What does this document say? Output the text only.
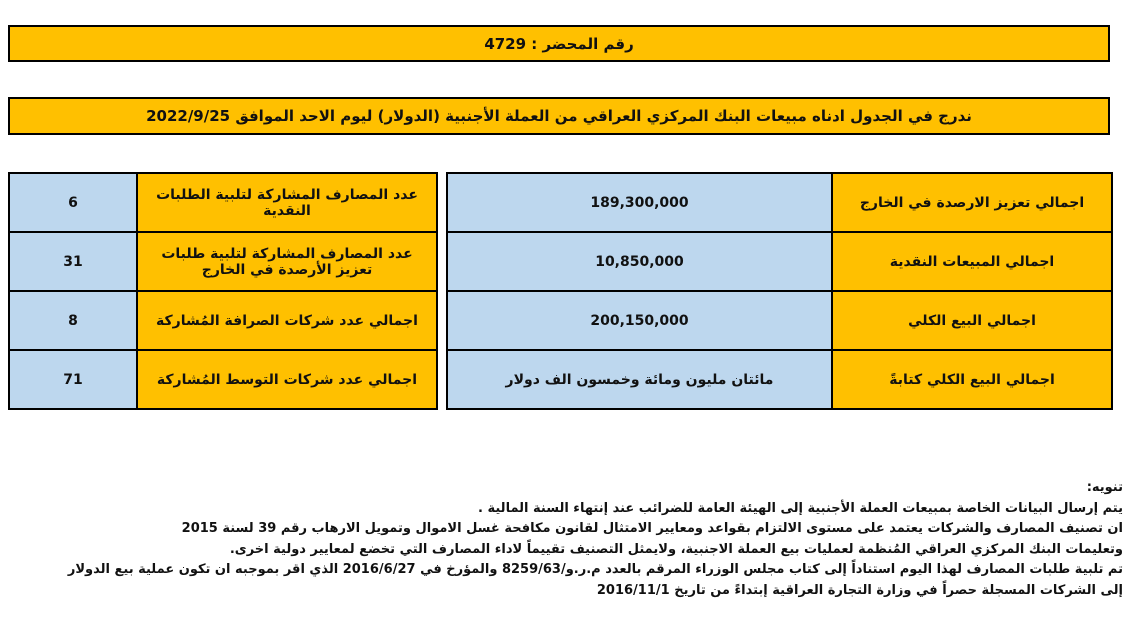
رقم المحضر : 4729
ندرج في الجدول ادناه مبيعات البنك المركزي العراقي من العملة الأجنبية (الدولار) ليوم الاحد الموافق 2022/9/25
اجمالي تعزيز الارصدة في الخارج	189,300,000
اجمالي المبيعات النقدية	10,850,000
اجمالي البيع الكلي	200,150,000
اجمالي البيع الكلي كتابةً	مائتان مليون ومائة وخمسون الف دولار
عدد المصارف المشاركة لتلبية الطلبات النقدية	6
عدد المصارف المشاركة لتلبية طلبات تعزيز الأرصدة في الخارج	31
اجمالي عدد شركات الصرافة المُشاركة	8
اجمالي عدد شركات التوسط المُشاركة	71
تنويه:
يتم إرسال البيانات الخاصة بمبيعات العملة الأجنبية إلى الهيئة العامة للضرائب عند إنتهاء السنة المالية .
ان تصنيف المصارف والشركات يعتمد على مستوى الالتزام بقواعد ومعايير الامتثال لقانون مكافحة غسل الاموال وتمويل الارهاب رقم 39 لسنة 2015
وتعليمات البنك المركزي العراقي المُنظمة لعمليات بيع العملة الاجنبية، ولايمثل التصنيف تقييماً لاداء المصارف التي تخضع لمعايير دولية اخرى.
تم تلبية طلبات المصارف لهذا اليوم استناداً إلى كتاب مجلس الوزراء المرقم بالعدد م.ر.و/8259/63 والمؤرخ في 2016/6/27 الذي اقر بموجبه ان تكون عملية بيع الدولار
إلى الشركات المسجلة حصراً في وزارة التجارة العراقية إبتداءً من تاريخ 2016/11/1
